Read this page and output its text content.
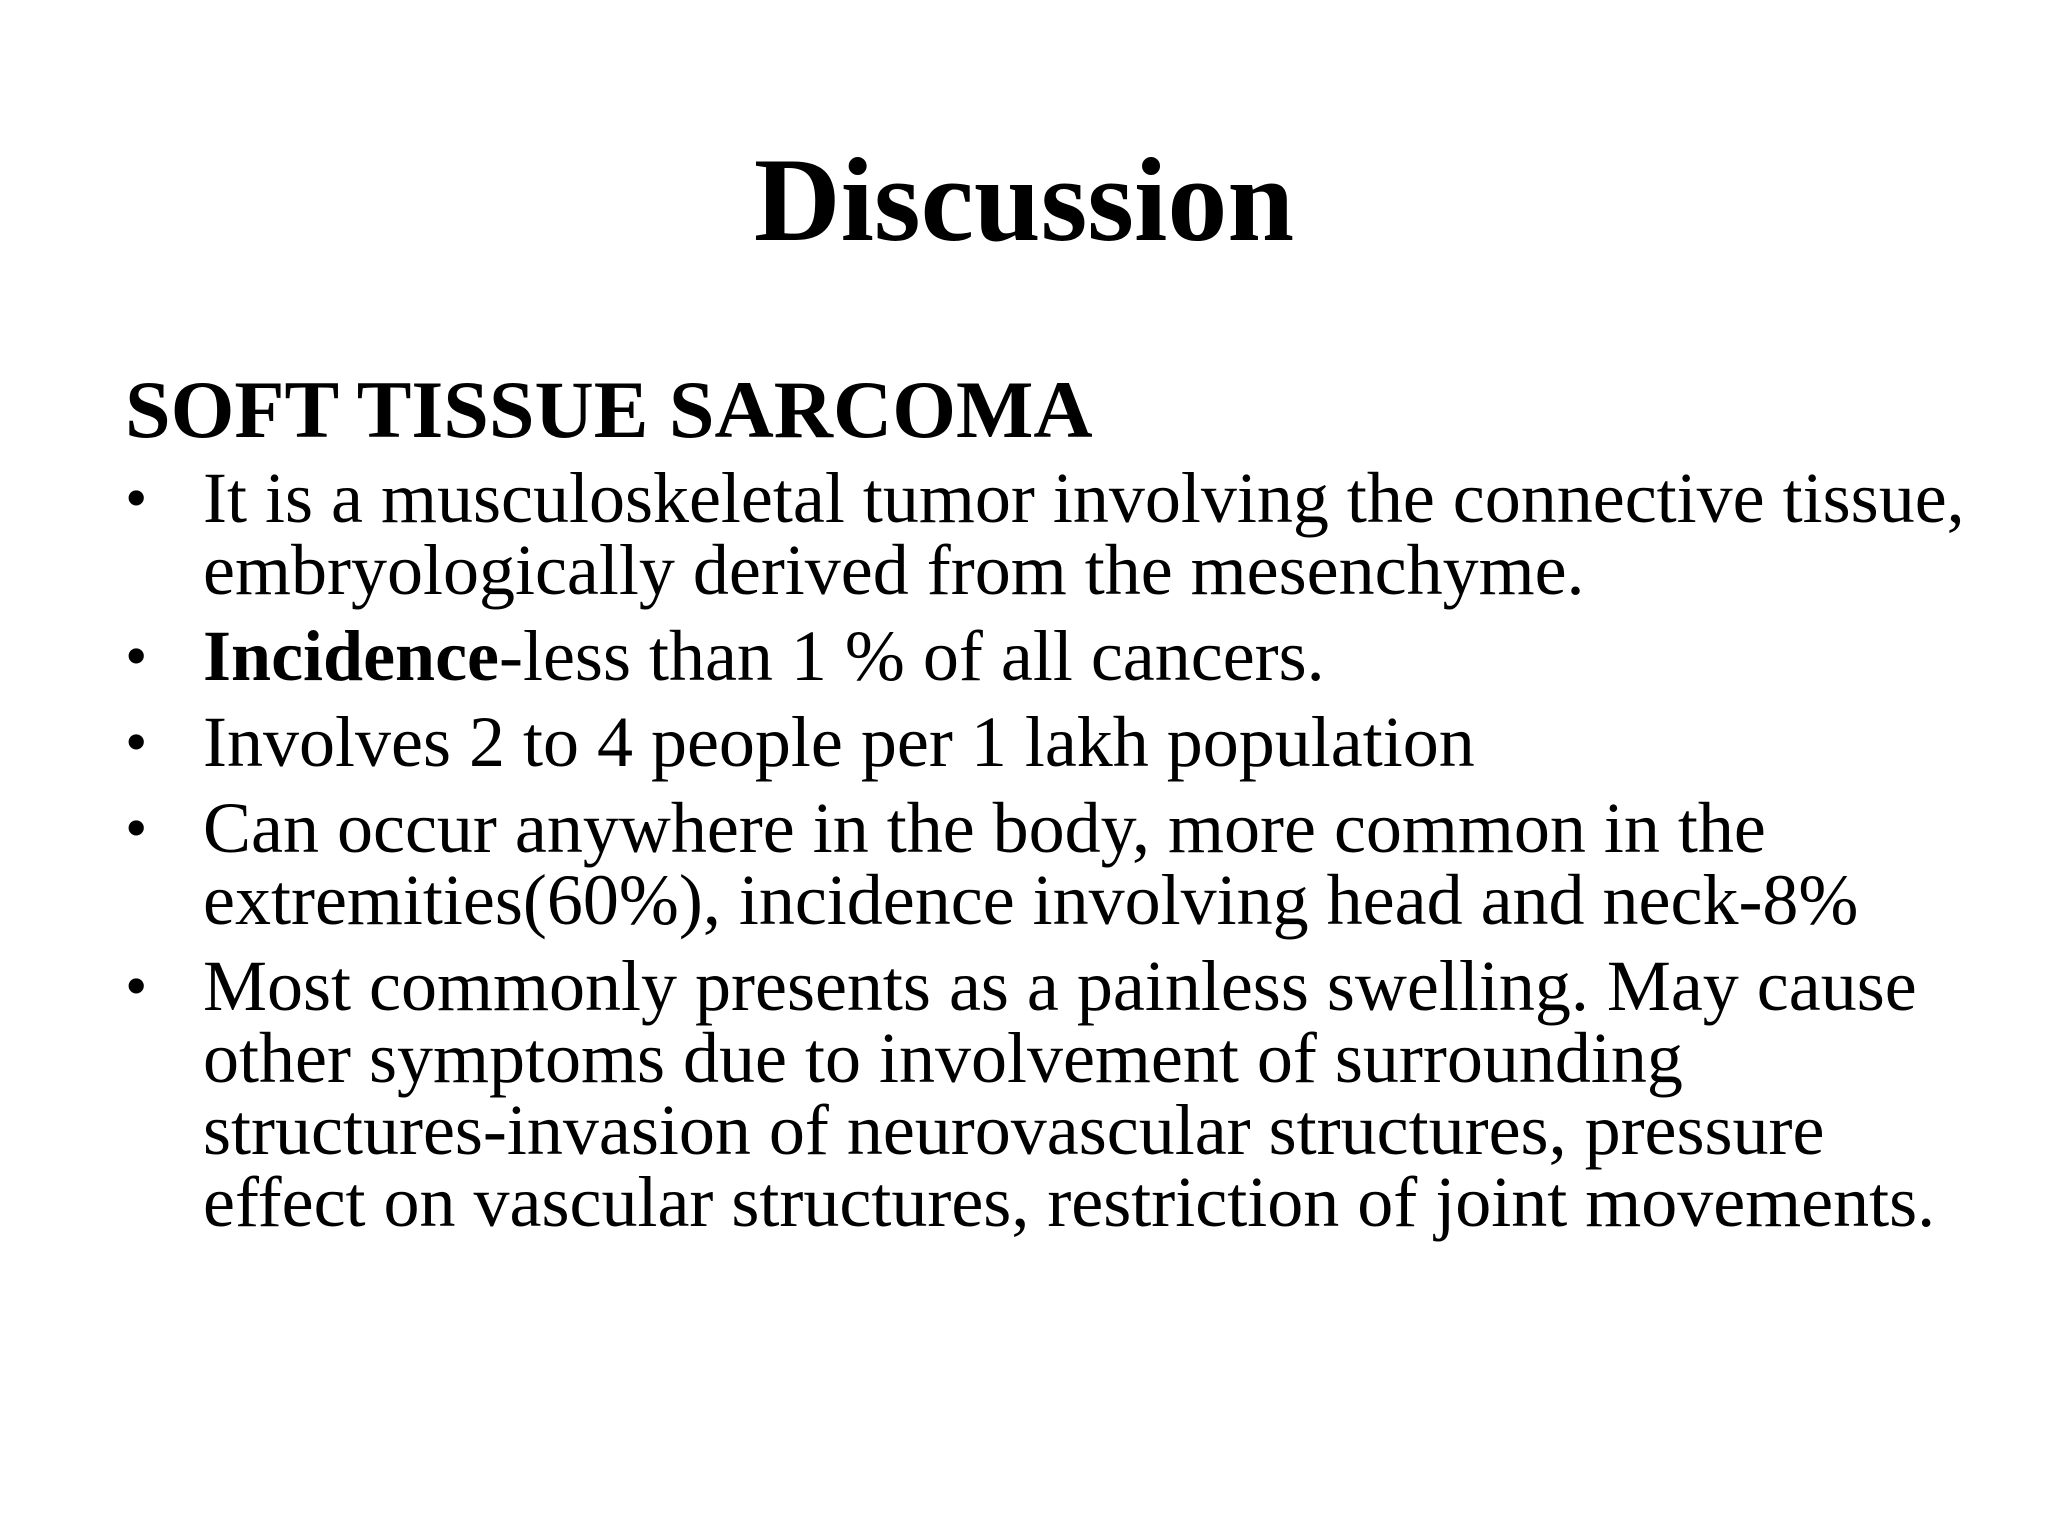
Discussion
SOFT TISSUE SARCOMA
• It is a musculoskeletal tumor involving the connective tissue, embryologically derived from the mesenchyme.
• Incidence-less than 1 % of all cancers.
• Involves 2 to 4 people per 1 lakh population
• Can occur anywhere in the body, more common in the extremities(60%), incidence involving head and neck-8%
• Most commonly presents as a painless swelling. May cause other symptoms due to involvement of surrounding structures-invasion of neurovascular structures, pressure effect on vascular structures, restriction of joint movements.
